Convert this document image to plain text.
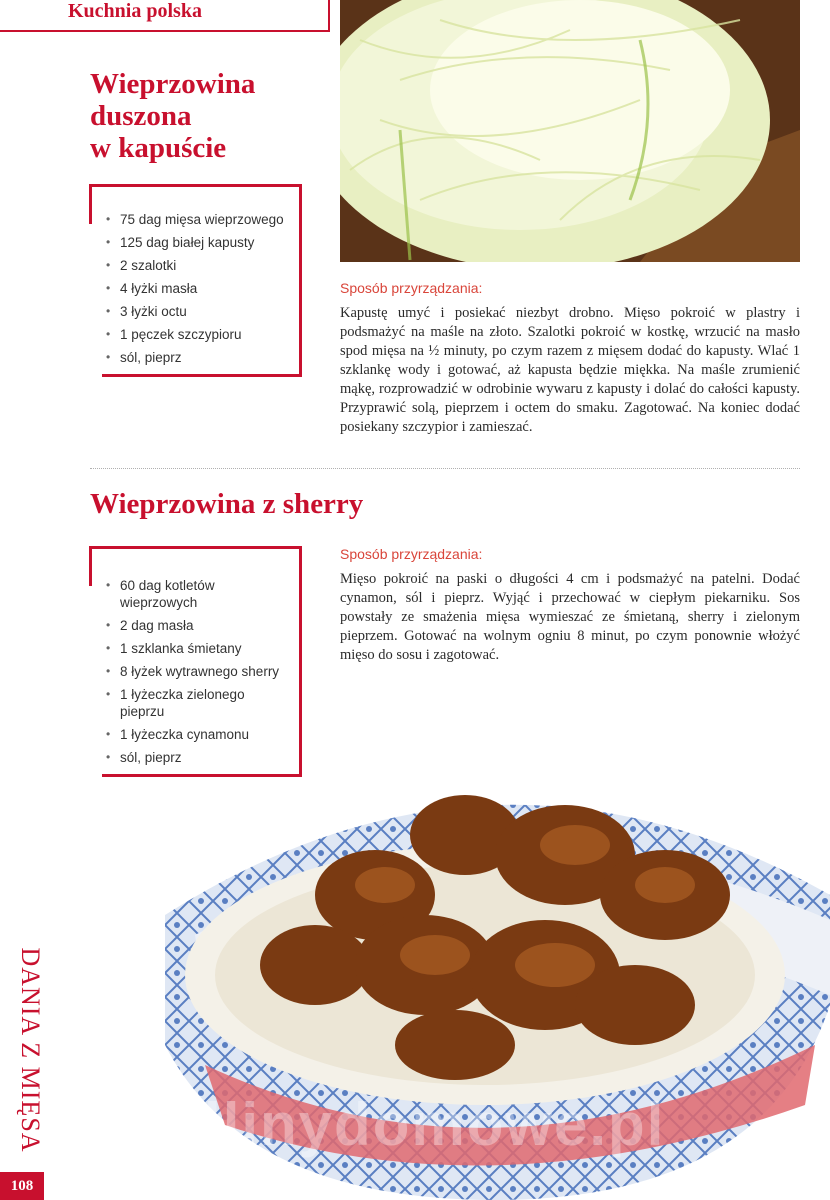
Kuchnia polska
Wieprzowina
duszona
w kapuście
• 75 dag mięsa wieprzowego
• 125 dag białej kapusty
• 2 szalotki
• 4 łyżki masła
• 3 łyżki octu
• 1 pęczek szczypioru
• sól, pieprz
Sposób przyrządzania:

Kapustę umyć i posiekać niezbyt drobno. Mięso pokroić w plastry i podsmażyć na maśle na złoto. Szalotki pokroić w kostkę, wrzucić na masło spod mięsa na ½ minuty, po czym razem z mięsem dodać do kapusty. Wlać 1 szklankę wody i gotować, aż kapusta będzie miękka. Na maśle zrumienić mąkę, rozprowadzić w odrobinie wywaru z kapusty i dolać do całości kapusty. Przyprawić solą, pieprzem i octem do smaku. Zagotować. Na koniec dodać posiekany szczypior i zamieszać.

Wieprzowina z sherry
• 60 dag kotletów wieprzowych
• 2 dag masła
• 1 szklanka śmietany
• 8 łyżek wytrawnego sherry
• 1 łyżeczka zielonego pieprzu
• 1 łyżeczka cynamonu
• sól, pieprz
Sposób przyrządzania:

Mięso pokroić na paski o długości 4 cm i podsmażyć na patelni. Dodać cynamon, sól i pieprz. Wyjąć i przechować w ciepłym piekarniku. Sos powstały ze smażenia mięsa wymieszać ze śmietaną, sherry i zielonym pieprzem. Gotować na wolnym ogniu 8 minut, po czym ponownie włożyć mięso do sosu i zagotować.

wedlinydomowe.pl
DANIA Z MIĘSA
108
